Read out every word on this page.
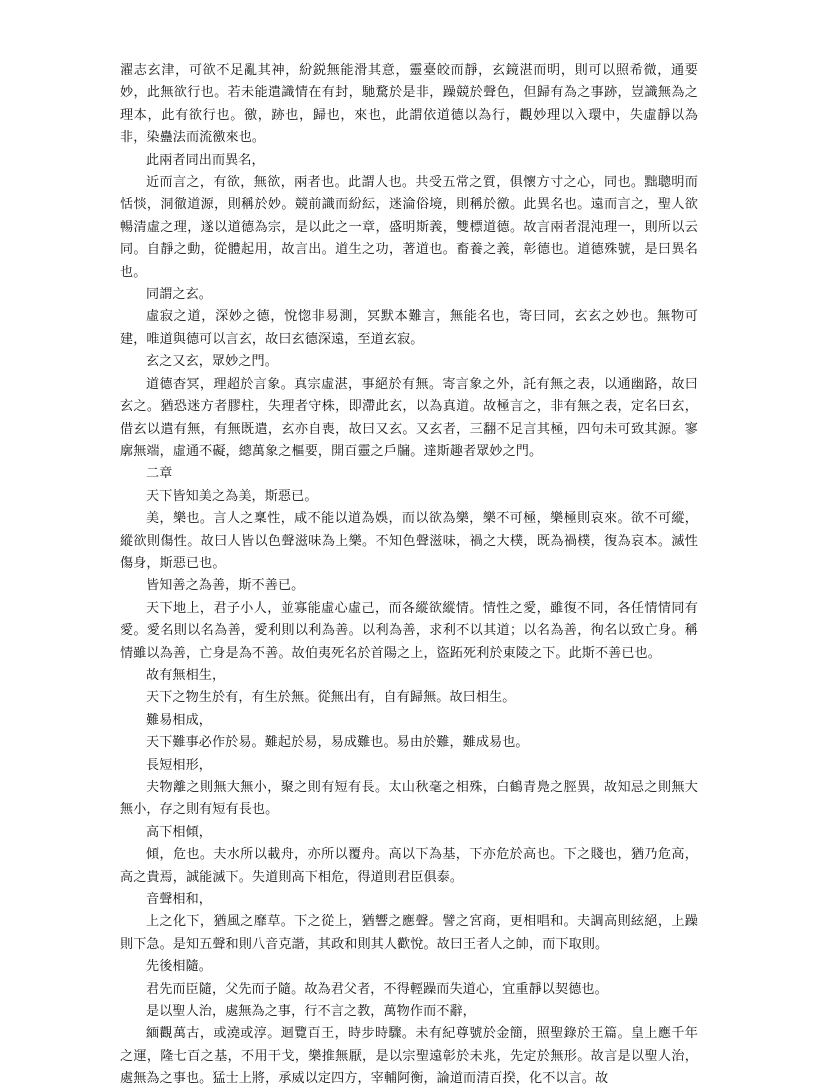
濯志玄津，可欲不足亂其神，紛鋭無能滑其意，靈臺皎而靜，玄鏡湛而明，則可以照希微，通要妙，此無欲行也。若未能遣識情在有封，馳騖於是非，躁競於聲色，但歸有為之事跡，豈識無為之理本，此有欲行也。徼，跡也，歸也，來也，此謂依道德以為行，觀妙理以入環中，失虛靜以為非，染蠱法而流徼來也。

此兩者同出而異名，

近而言之，有欲，無欲，兩者也。此謂人也。共受五常之質，俱懷方寸之心，同也。黜聰明而恬惔，洞徹道源，則稱於妙。競前識而紛紜，迷淪俗境，則稱於徼。此異名也。遠而言之，聖人欲暢清虛之理，遂以道德為宗，是以此之一章，盛明斯義，雙標道德。故言兩者混沌理一，則所以云同。自靜之動，從體起用，故言出。道生之功，著道也。畜養之義，彰德也。道德殊號，是曰異名也。

同謂之玄。

虛寂之道，深妙之德，悅惚非易測，冥默本難言，無能名也，寄曰同，玄玄之妙也。無物可建，唯道與德可以言玄，故曰玄德深遠，至道玄寂。

玄之又玄，眾妙之門。

道德杳冥，理超於言象。真宗虛湛，事絕於有無。寄言象之外，託有無之表，以通幽路，故曰玄之。猶恐迷方者膠柱，失理者守株，即滯此玄，以為真道。故極言之，非有無之表，定名曰玄，借玄以遣有無，有無既遣，玄亦自喪，故曰又玄。又玄者，三翻不足言其極，四句未可致其源。寥廓無端，虛通不礙，總萬象之樞要，開百靈之戶牖。達斯趣者眾妙之門。

二章

天下皆知美之為美，斯惡已。

美，樂也。言人之稟性，咸不能以道為娛，而以欲為樂，樂不可極，樂極則哀來。欲不可縱，縱欲則傷性。故曰人皆以色聲滋味為上樂。不知色聲滋味，禍之大樸，既為禍樸，復為哀本。滅性傷身，斯惡已也。

皆知善之為善，斯不善已。

天下地上，君子小人，並寡能虛心虛己，而各縱欲縱情。情性之愛，雖復不同，各任情情同有愛。愛名則以名為善，愛利則以利為善。以利為善，求利不以其道；以名為善，徇名以致亡身。稱情雖以為善，亡身是為不善。故伯夷死名於首陽之上，盜跖死利於東陵之下。此斯不善已也。

故有無相生，

天下之物生於有，有生於無。從無出有，自有歸無。故曰相生。

難易相成，

天下難事必作於易。難起於易，易成難也。易由於難，難成易也。

長短相形，

夫物離之則無大無小，聚之則有短有長。太山秋毫之相殊，白鶴青鳧之脛異，故知忌之則無大無小，存之則有短有長也。

高下相傾，

傾，危也。夫水所以載舟，亦所以覆舟。高以下為基，下亦危於高也。下之賤也，猶乃危高，高之貴焉，誠能滅下。失道則高下相危，得道則君臣俱泰。

音聲相和，

上之化下，猶風之靡草。下之從上，猶響之應聲。譬之宮商，更相唱和。夫調高則絃絕，上躁則下急。是知五聲和則八音克諧，其政和則其人歡悅。故曰王者人之帥，而下取則。

先後相隨。

君先而臣隨，父先而子隨。故為君父者，不得輕躁而失道心，宜重靜以契德也。

是以聖人治，處無為之事，行不言之教，萬物作而不辭，

緬觀萬古，或澆或淳。迴覽百王，時步時驟。未有紀尊號於金簡，照聖錄於王篇。皇上應千年之運，隆七百之基，不用干戈，樂推無厭，是以宗聖遠彰於未兆，先定於無形。故言是以聖人治，處無為之事也。猛士上將，承威以定四方，宰輔阿衡，論道而清百揆，化不以言。故
